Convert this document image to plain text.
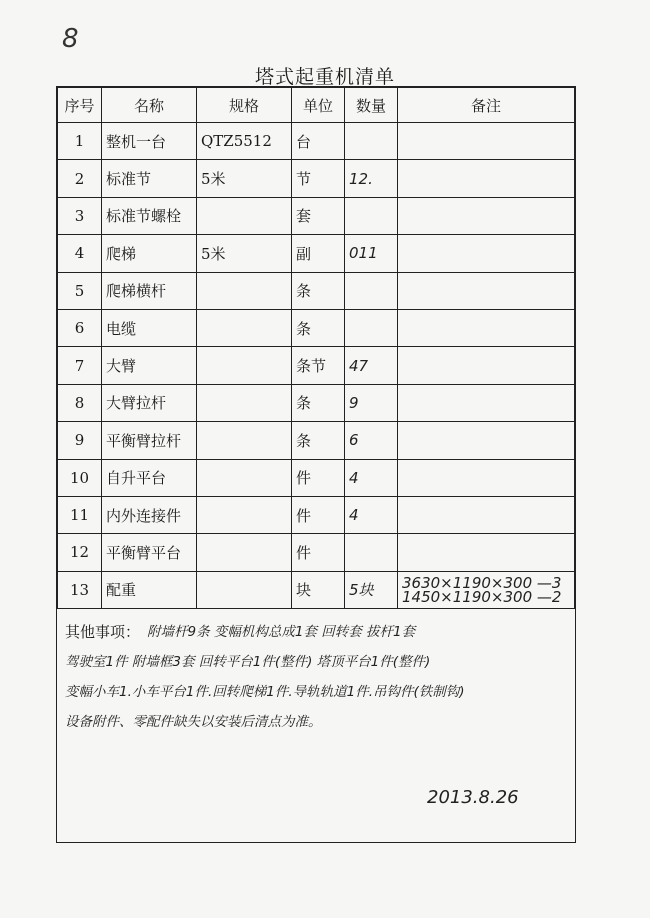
8
塔式起重机清单
序号	名称	规格	单位	数量	备注
1	整机一台	QTZ5512	台		
2	标准节	5米	节	12.	
3	标准节螺栓		套		
4	爬梯	5米	副	011	
5	爬梯横杆		条		
6	电缆		条		
7	大臂		条节	47	
8	大臂拉杆		条	9	
9	平衡臂拉杆		条	6	
10	自升平台		件	4	
11	内外连接件		件	4	
12	平衡臂平台		件		
13	配重		块	5块	3630×1190×300 —3
1450×1190×300 —2
其他事项： 附墙杆9条 变幅机构总成1套 回转套 拔杆1套
驾驶室1件 附墙框3套 回转平台1件(整件) 塔顶平台1件(整件)
变幅小车1.小车平台1件.回转爬梯1件.导轨轨道1件.吊钩件(铁制钩)
设备附件、零配件缺失以安装后清点为准。
2013.8.26
